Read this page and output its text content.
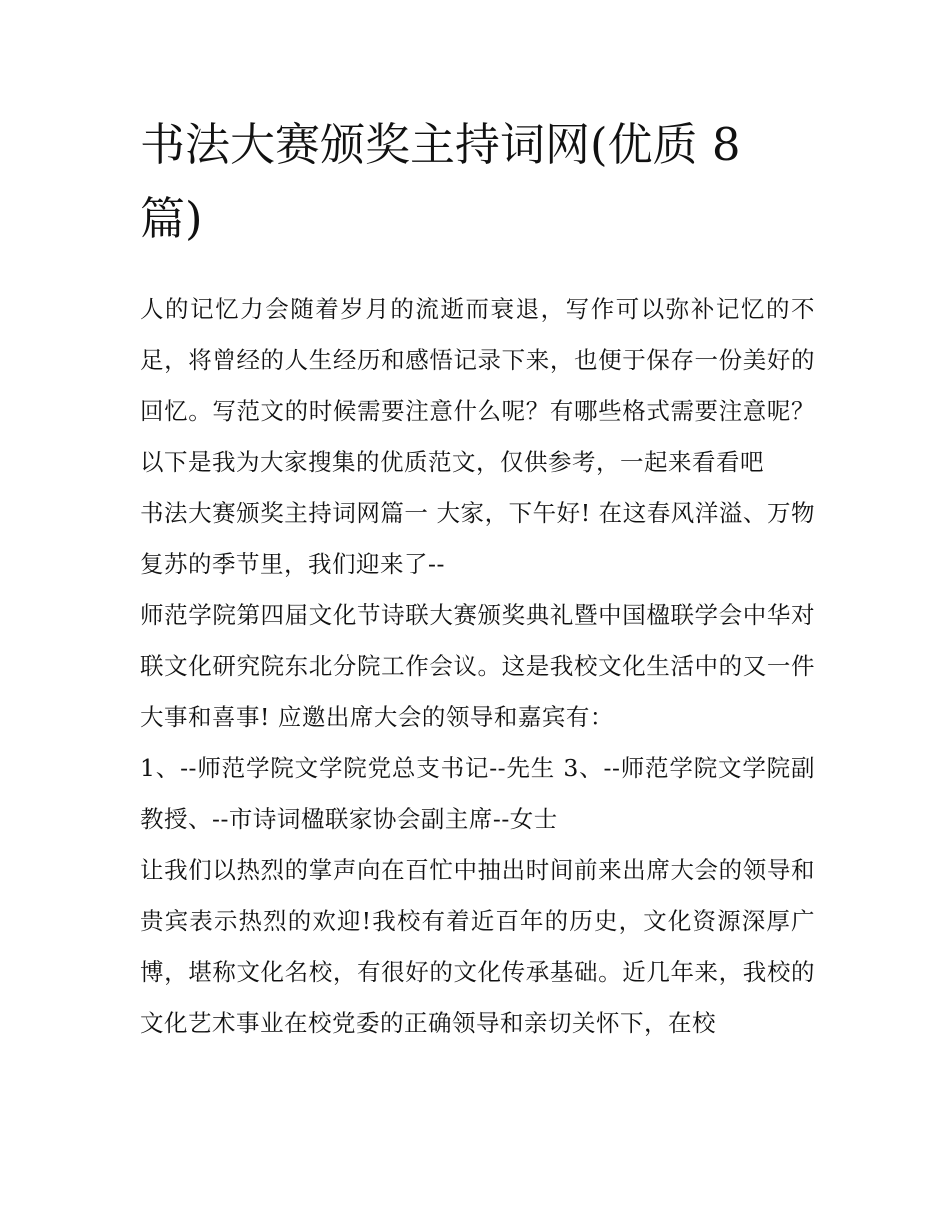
书法大赛颁奖主持词网(优质 8 篇)

人的记忆力会随着岁月的流逝而衰退，写作可以弥补记忆的不足，将曾经的人生经历和感悟记录下来，也便于保存一份美好的回忆。写范文的时候需要注意什么呢？有哪些格式需要注意呢？以下是我为大家搜集的优质范文，仅供参考，一起来看看吧

书法大赛颁奖主持词网篇一 大家，下午好! 在这春风洋溢、万物复苏的季节里，我们迎来了--

师范学院第四届文化节诗联大赛颁奖典礼暨中国楹联学会中华对联文化研究院东北分院工作会议。这是我校文化生活中的又一件大事和喜事! 应邀出席大会的领导和嘉宾有：

1、--师范学院文学院党总支书记--先生 3、--师范学院文学院副教授、--市诗词楹联家协会副主席--女士

让我们以热烈的掌声向在百忙中抽出时间前来出席大会的领导和贵宾表示热烈的欢迎!我校有着近百年的历史，文化资源深厚广博，堪称文化名校，有很好的文化传承基础。近几年来，我校的文化艺术事业在校党委的正确领导和亲切关怀下，在校
